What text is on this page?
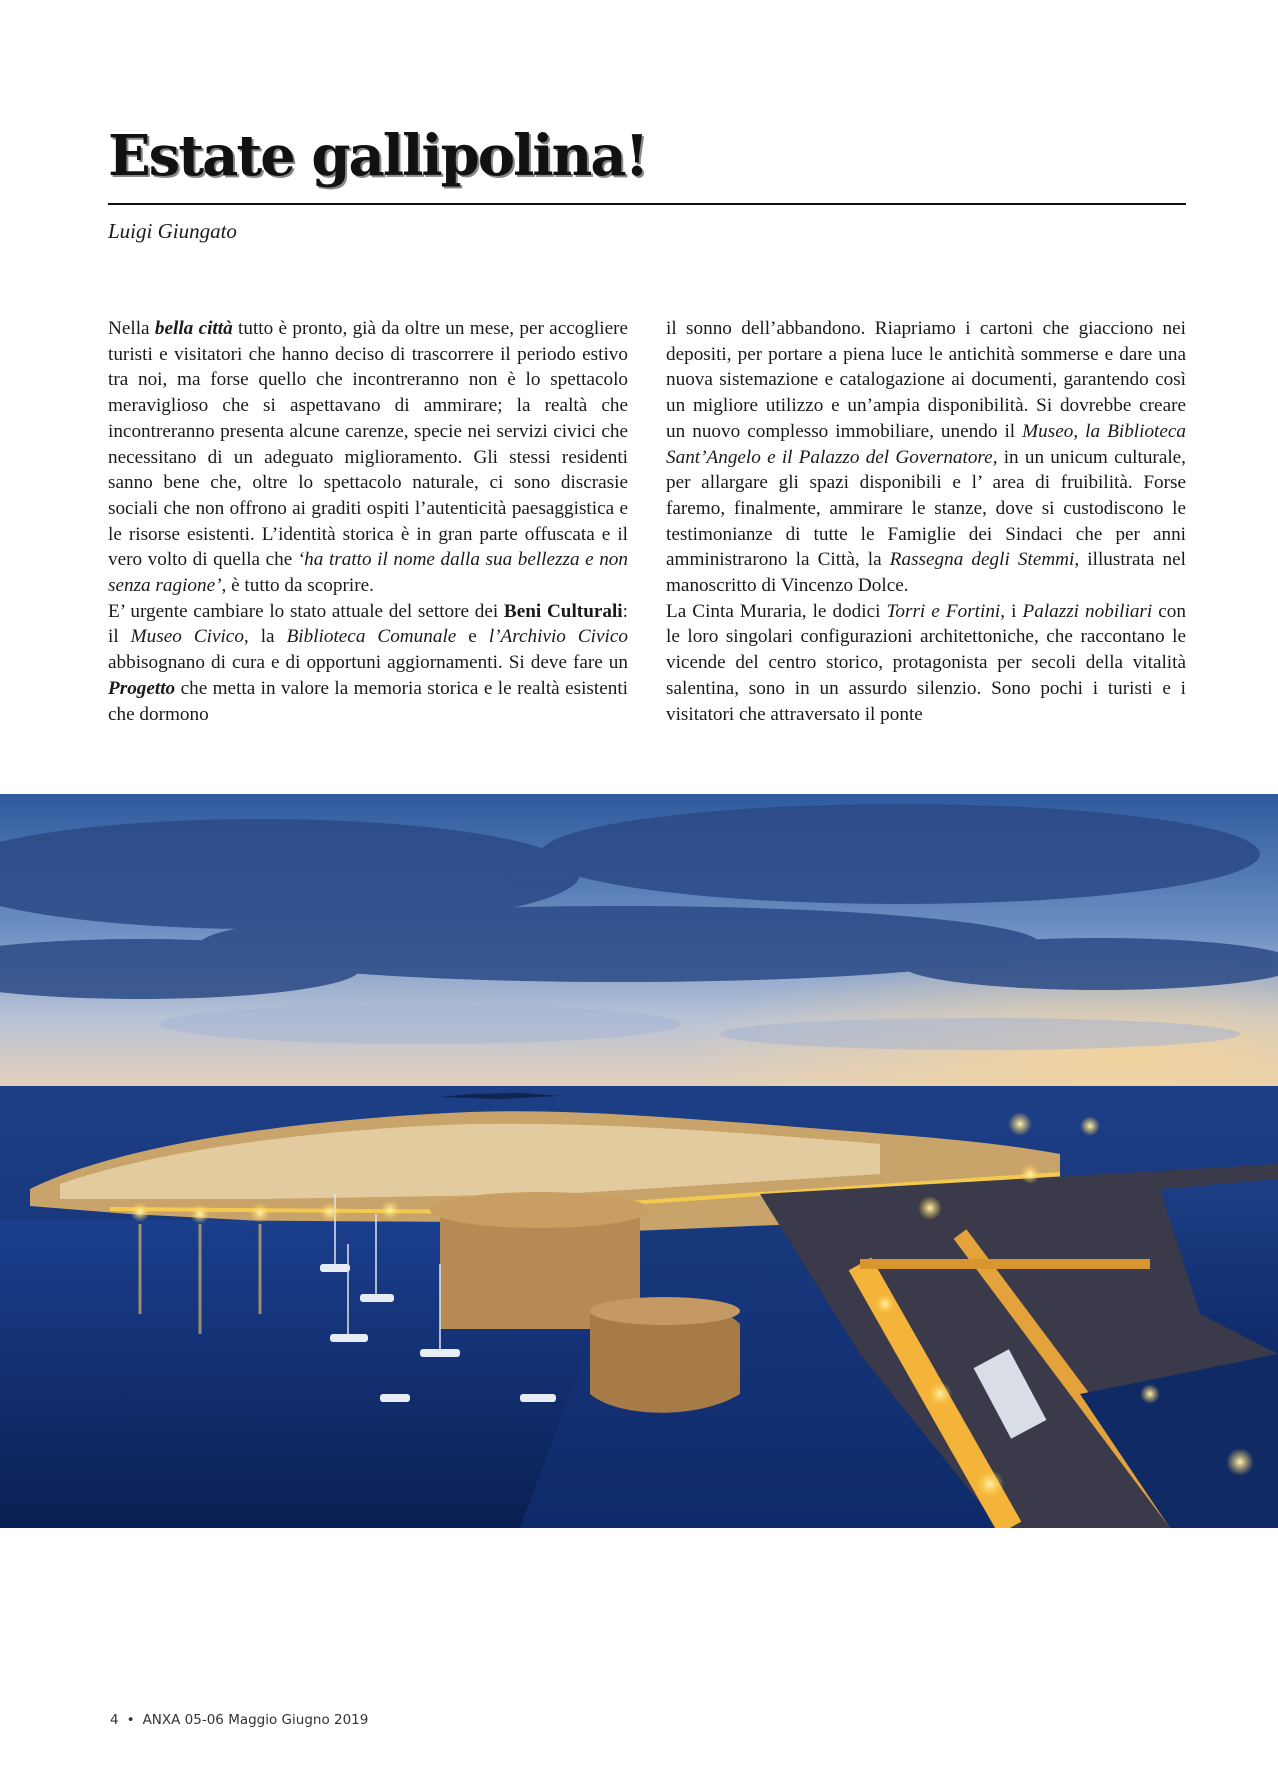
Estate gallipolina!

Luigi Giungato

Nella bella città tutto è pronto, già da oltre un mese, per accogliere turisti e visitatori che hanno deciso di trascorrere il periodo estivo tra noi, ma forse quello che incontreranno non è lo spettacolo meraviglioso che si aspettavano di ammirare; la realtà che incontreranno presenta alcune carenze, specie nei servizi civici che necessitano di un adeguato miglioramento. Gli stessi residenti sanno bene che, oltre lo spettacolo naturale, ci sono discrasie sociali che non offrono ai graditi ospiti l’autenticità paesaggistica e le risorse esistenti. L’identità storica è in gran parte offuscata e il vero volto di quella che ‘ha tratto il nome dalla sua bellezza e non senza ragione’, è tutto da scoprire.

E’ urgente cambiare lo stato attuale del settore dei Beni Culturali: il Museo Civico, la Biblioteca Comunale e l’Archivio Civico abbisognano di cura e di opportuni aggiornamenti. Si deve fare un Progetto che metta in valore la memoria storica e le realtà esistenti che dormono

il sonno dell’abbandono. Riapriamo i cartoni che giacciono nei depositi, per portare a piena luce le antichità sommerse e dare una nuova sistemazione e catalogazione ai documenti, garantendo così un migliore utilizzo e un’ampia disponibilità. Si dovrebbe creare un nuovo complesso immobiliare, unendo il Museo, la Biblioteca Sant’Angelo e il Palazzo del Governatore, in un unicum culturale, per allargare gli spazi disponibili e l’ area di fruibilità. Forse faremo, finalmente, ammirare le stanze, dove si custodiscono le testimonianze di tutte le Famiglie dei Sindaci che per anni amministrarono la Città, la Rassegna degli Stemmi, illustrata nel manoscritto di Vincenzo Dolce.

La Cinta Muraria, le dodici Torri e Fortini, i Palazzi nobiliari con le loro singolari configurazioni architettoniche, che raccontano le vicende del centro storico, protagonista per secoli della vitalità salentina, sono in un assurdo silenzio. Sono pochi i turisti e i visitatori che attraversato il ponte

4 • ANXA 05-06 Maggio Giugno 2019
